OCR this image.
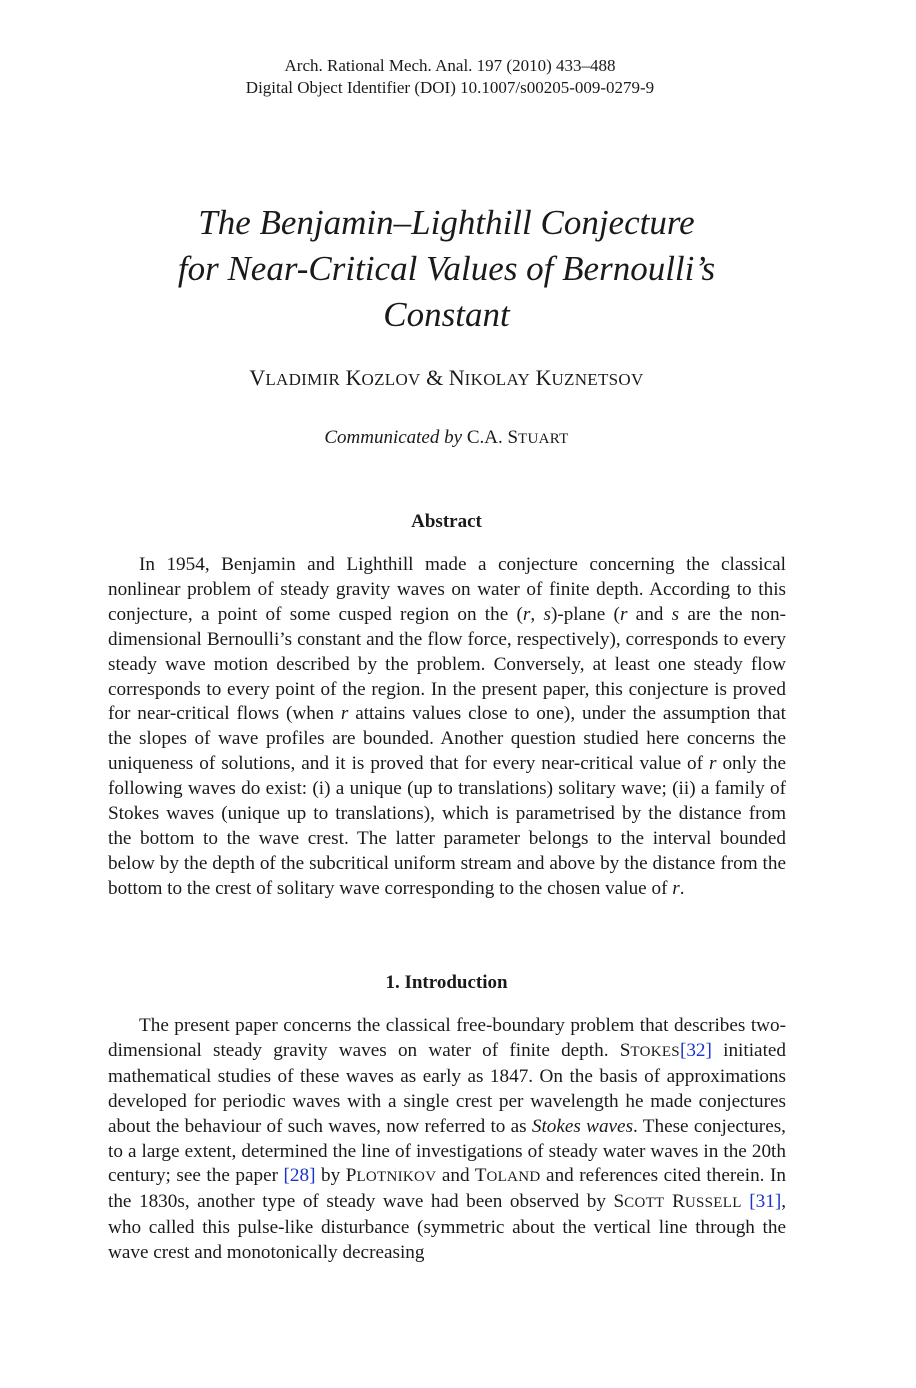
Arch. Rational Mech. Anal. 197 (2010) 433–488
Digital Object Identifier (DOI) 10.1007/s00205-009-0279-9
The Benjamin–Lighthill Conjecture
for Near-Critical Values of Bernoulli’s
Constant
VLADIMIR KOZLOV & NIKOLAY KUZNETSOV
Communicated by C.A. STUART
Abstract
In 1954, Benjamin and Lighthill made a conjecture concerning the classical nonlinear problem of steady gravity waves on water of finite depth. According to this conjecture, a point of some cusped region on the (r, s)-plane (r and s are the non-dimensional Bernoulli’s constant and the flow force, respectively), corresponds to every steady wave motion described by the problem. Conversely, at least one steady flow corresponds to every point of the region. In the present paper, this conjecture is proved for near-critical flows (when r attains values close to one), under the assumption that the slopes of wave profiles are bounded. Another question studied here concerns the uniqueness of solutions, and it is proved that for every near-critical value of r only the following waves do exist: (i) a unique (up to translations) solitary wave; (ii) a family of Stokes waves (unique up to translations), which is parametrised by the distance from the bottom to the wave crest. The latter parameter belongs to the interval bounded below by the depth of the subcritical uniform stream and above by the distance from the bottom to the crest of solitary wave corresponding to the chosen value of r.
1. Introduction
The present paper concerns the classical free-boundary problem that describes two-dimensional steady gravity waves on water of finite depth. STOKES[32] initiated mathematical studies of these waves as early as 1847. On the basis of approximations developed for periodic waves with a single crest per wavelength he made conjectures about the behaviour of such waves, now referred to as Stokes waves. These conjectures, to a large extent, determined the line of investigations of steady water waves in the 20th century; see the paper [28] by PLOTNIKOV and TOLAND and references cited therein. In the 1830s, another type of steady wave had been observed by SCOTT RUSSELL [31], who called this pulse-like disturbance (symmetric about the vertical line through the wave crest and monotonically decreasing
